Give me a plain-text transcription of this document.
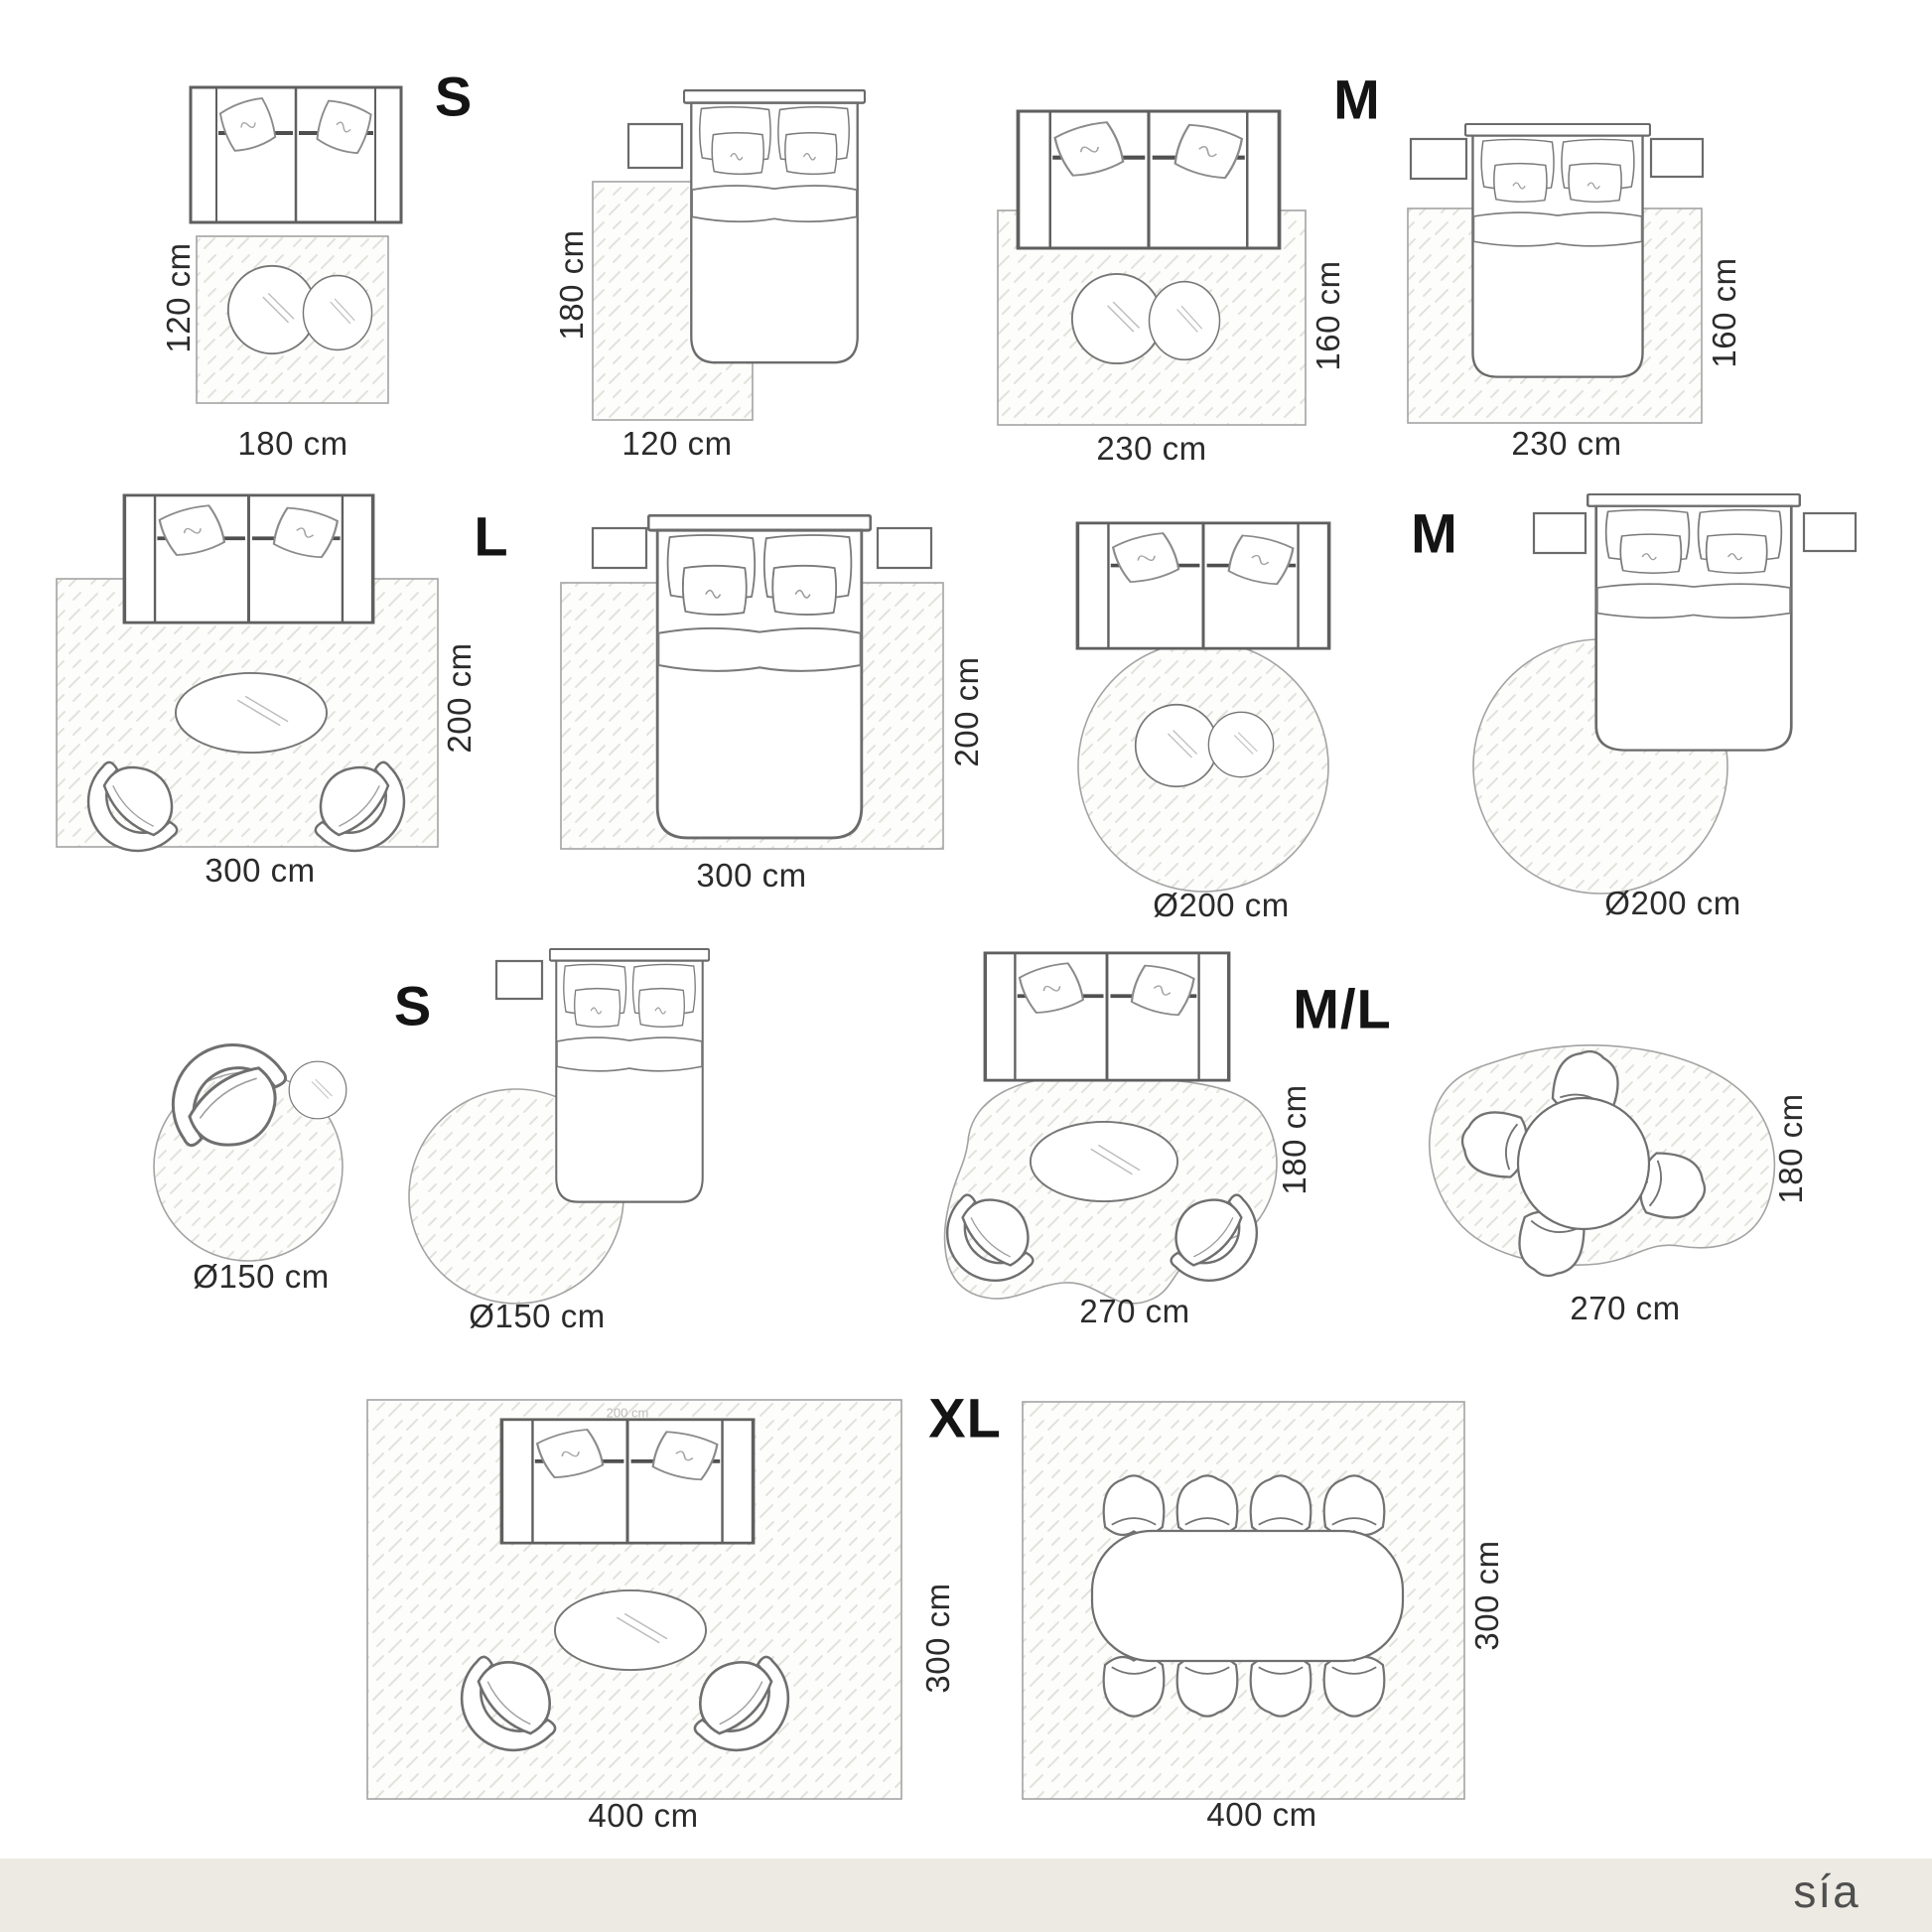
120 cm
180 cm
S
180 cm
120 cm
160 cm
230 cm
M
160 cm
230 cm
200 cm
300 cm
L
200 cm
300 cm
Ø200 cm
M
Ø200 cm
Ø150 cm
S
Ø150 cm
180 cm
270 cm
M/L
180 cm
270 cm
200 cm
300 cm
400 cm
XL
300 cm
400 cm
sía
